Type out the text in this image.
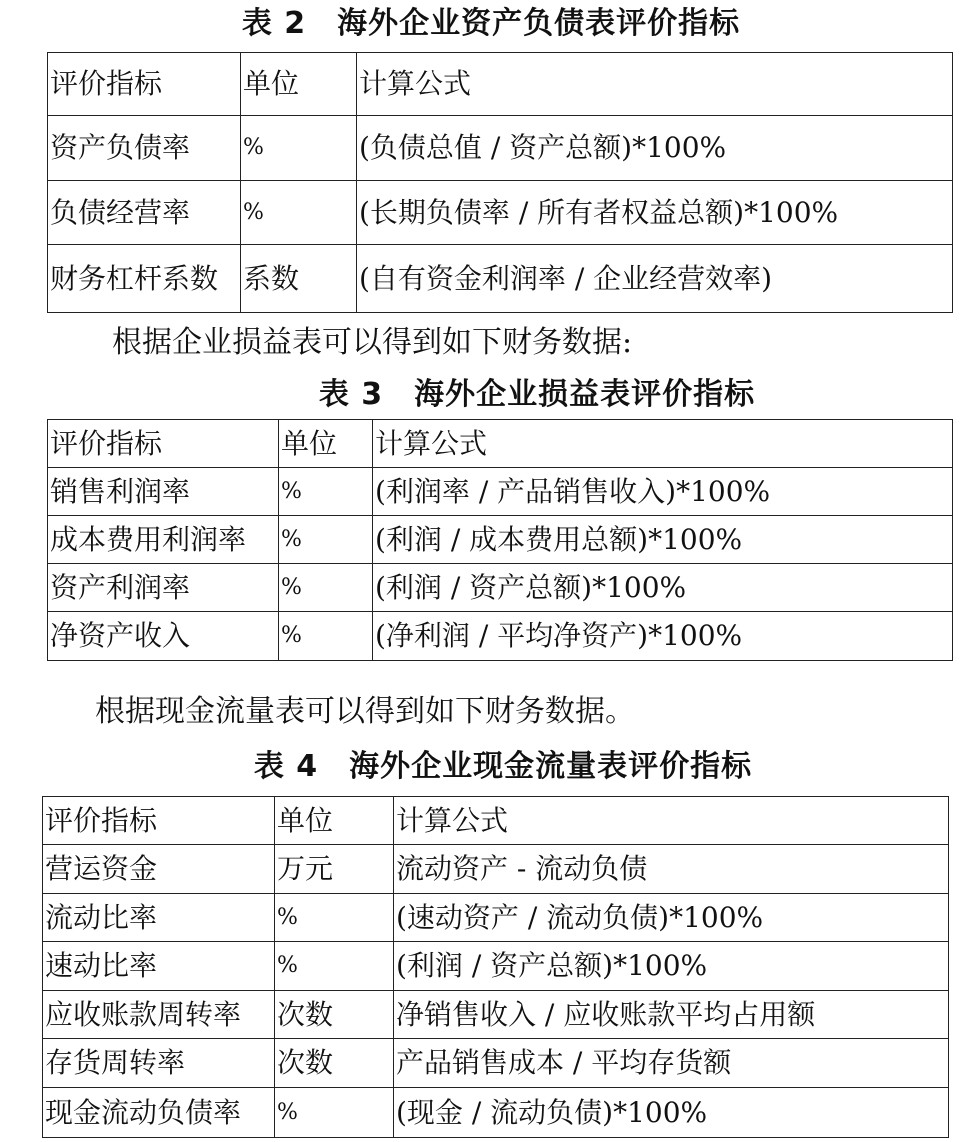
表 2　海外企业资产负债表评价指标
评价指标	单位	计算公式
资产负债率	%	(负债总值 / 资产总额)*100%
负债经营率	%	(长期负债率 / 所有者权益总额)*100%
财务杠杆系数	系数	(自有资金利润率 / 企业经营效率)
根据企业损益表可以得到如下财务数据:
表 3　海外企业损益表评价指标
评价指标	单位	计算公式
销售利润率	%	(利润率 / 产品销售收入)*100%
成本费用利润率	%	(利润 / 成本费用总额)*100%
资产利润率	%	(利润 / 资产总额)*100%
净资产收入	%	(净利润 / 平均净资产)*100%
根据现金流量表可以得到如下财务数据。
表 4　海外企业现金流量表评价指标
评价指标	单位	计算公式
营运资金	万元	流动资产 - 流动负债
流动比率	%	(速动资产 / 流动负债)*100%
速动比率	%	(利润 / 资产总额)*100%
应收账款周转率	次数	净销售收入 / 应收账款平均占用额
存货周转率	次数	产品销售成本 / 平均存货额
现金流动负债率	%	(现金 / 流动负债)*100%
